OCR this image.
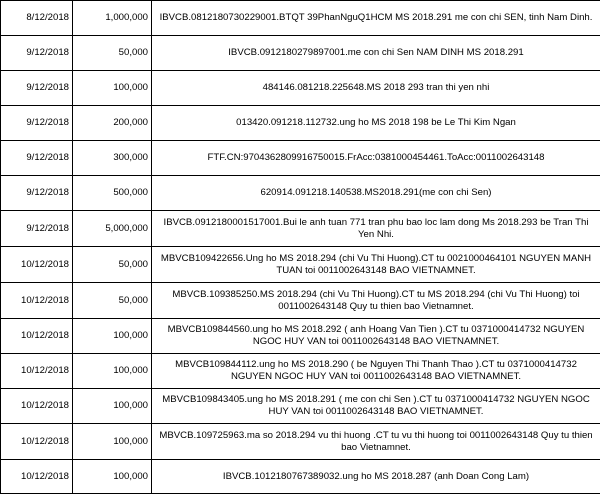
8/12/2018	1,000,000	IBVCB.0812180730229001.BTQT 39PhanNguQ1HCM MS 2018.291 me con chi SEN, tinh Nam Dinh.
9/12/2018	50,000	IBVCB.0912180279897001.me con chi Sen NAM DINH MS 2018.291
9/12/2018	100,000	484146.081218.225648.MS 2018 293 tran thi yen nhi
9/12/2018	200,000	013420.091218.112732.ung ho MS 2018 198 be Le Thi Kim Ngan
9/12/2018	300,000	FTF.CN:9704362809916750015.FrAcc:0381000454461.ToAcc:0011002643148
9/12/2018	500,000	620914.091218.140538.MS2018.291(me con chi Sen)
9/12/2018	5,000,000	IBVCB.0912180001517001.Bui le anh tuan 771 tran phu bao loc lam dong Ms 2018.293 be Tran Thi Yen Nhi.
10/12/2018	50,000	MBVCB109422656.Ung ho MS 2018.294 (chi Vu Thi Huong).CT tu 0021000464101 NGUYEN MANH TUAN toi 0011002643148 BAO VIETNAMNET.
10/12/2018	50,000	MBVCB.109385250.MS 2018.294 (chi Vu Thi Huong).CT tu MS 2018.294 (chi Vu Thi Huong) toi 0011002643148 Quy tu thien bao Vietnamnet.
10/12/2018	100,000	MBVCB109844560.ung ho MS 2018.292 ( anh Hoang Van Tien ).CT tu 0371000414732 NGUYEN NGOC HUY VAN toi 0011002643148 BAO VIETNAMNET.
10/12/2018	100,000	MBVCB109844112.ung ho MS 2018.290 ( be Nguyen Thi Thanh Thao ).CT tu 0371000414732 NGUYEN NGOC HUY VAN toi 0011002643148 BAO VIETNAMNET.
10/12/2018	100,000	MBVCB109843405.ung ho MS 2018.291 ( me con chi Sen ).CT tu 0371000414732 NGUYEN NGOC HUY VAN toi 0011002643148 BAO VIETNAMNET.
10/12/2018	100,000	MBVCB.109725963.ma so 2018.294 vu thi huong .CT tu vu thi huong toi 0011002643148 Quy tu thien bao Vietnamnet.
10/12/2018	100,000	IBVCB.1012180767389032.ung ho MS 2018.287 (anh Doan Cong Lam)
